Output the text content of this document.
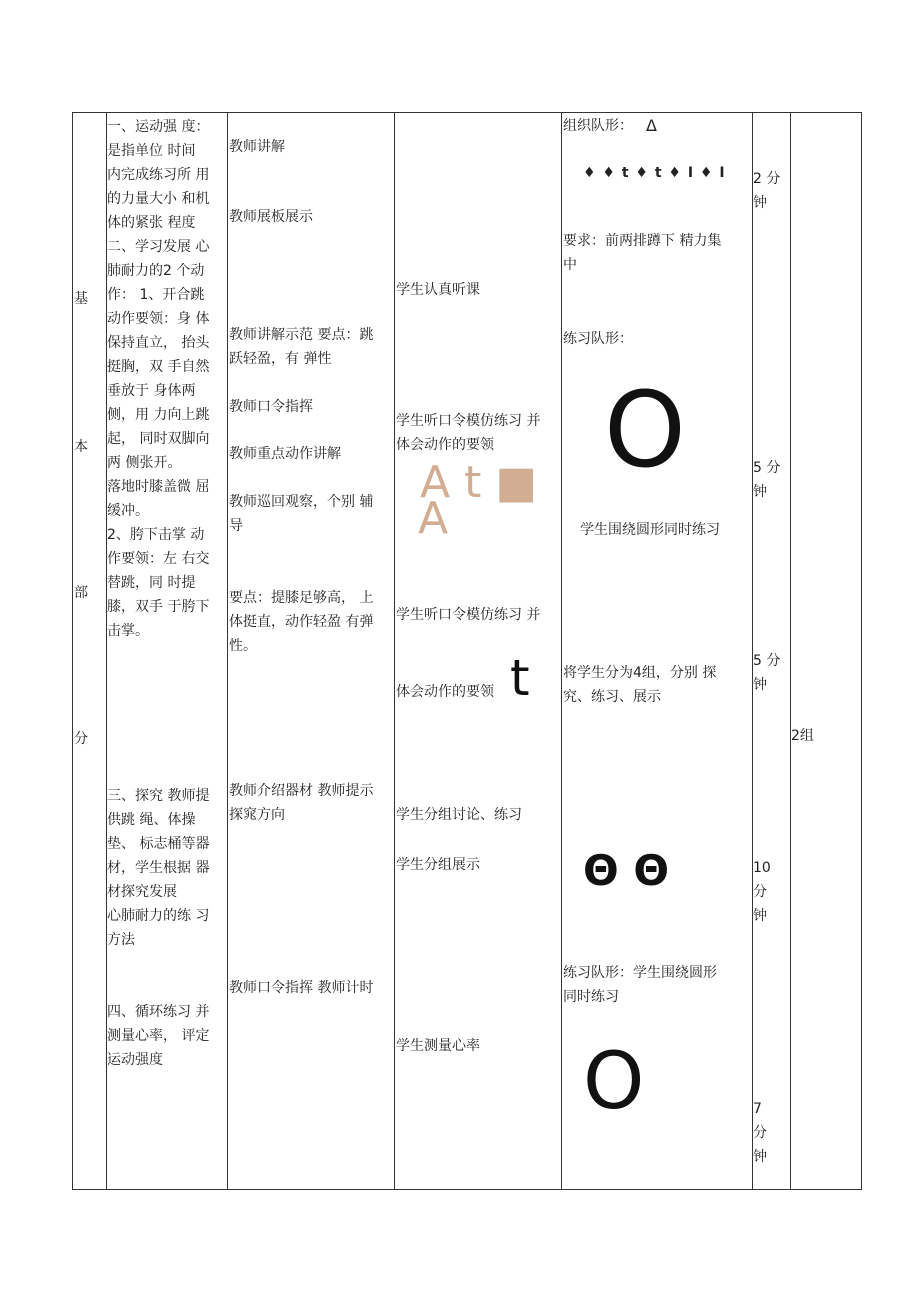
基
本
部
分
一、运动强 度：
是指单位 时间
内完成练习所 用
的力量大小 和机
体的紧张 程度
二、学习发展 心
肺耐力的2 个动
作： 1、开合跳
动作要领：身 体
保持直立， 抬头
挺胸，双 手自然
垂放于 身体两
侧，用 力向上跳
起， 同时双脚向
两 侧张开。
落地时膝盖微 屈
缓冲。
2、胯下击掌 动
作要领：左 右交
替跳，同 时提
膝，双手 于胯下
击掌。
三、探究 教师提
供跳 绳、体操
垫、 标志桶等器
材，学生根据 器
材探究发展
心肺耐力的练 习
方法
四、循环练习 并
测量心率， 评定
运动强度
教师讲解
教师展板展示
教师讲解示范 要点：跳
跃轻盈，有 弹性
教师口令指挥
教师重点动作讲解
教师巡回观察，个别 辅
导
要点：提膝足够高， 上
体挺直，动作轻盈 有弹
性。
教师介绍器材 教师提示
探窕方向
教师口令指挥 教师计时
学生认真听课
学生听口令模仿练习 并
体会动作的要领
A t ■
A
学生听口令模仿练习 并
体会动作的要领 t
学生分组讨论、练习
学生分组展示
学生测量心率
组织队形： Δ
♦ ♦ t ♦ t ♦ I ♦ I
要求：前两排蹲下 精力集
中
练习队形：
O
学生围绕圆形同时练习
将学生分为4组，分别 探
究、练习、展示
Θ Θ
练习队形：学生围绕圆形
同时练习
O
2 分
钟
5 分
钟
5 分
钟
10
分
钟
7
分
钟
2组
